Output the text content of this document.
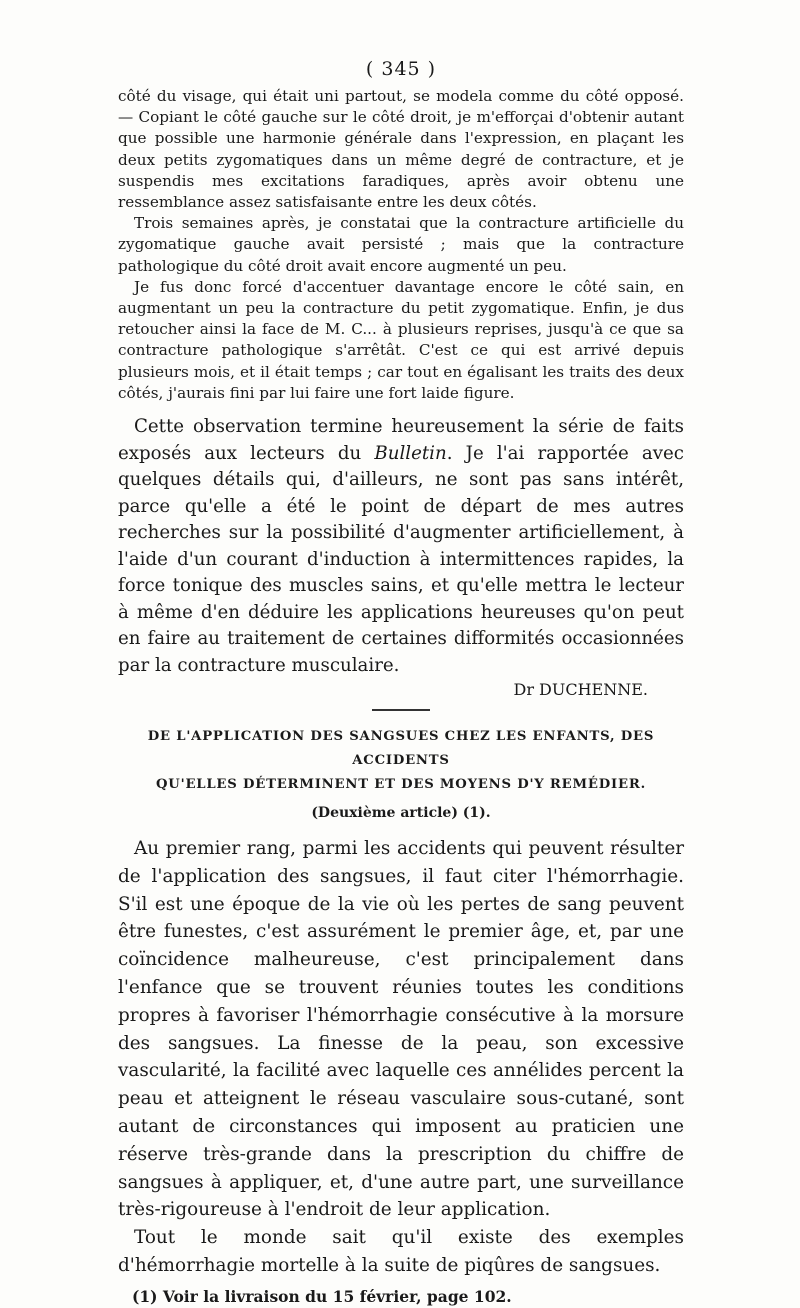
( 345 )

côté du visage, qui était uni partout, se modela comme du côté opposé. — Copiant le côté gauche sur le côté droit, je m'efforçai d'obtenir autant que possible une harmonie générale dans l'expression, en plaçant les deux petits zygomatiques dans un même degré de contracture, et je suspendis mes excitations faradiques, après avoir obtenu une ressemblance assez satisfaisante entre les deux côtés.

Trois semaines après, je constatai que la contracture artificielle du zygomatique gauche avait persisté ; mais que la contracture pathologique du côté droit avait encore augmenté un peu.

Je fus donc forcé d'accentuer davantage encore le côté sain, en augmentant un peu la contracture du petit zygomatique. Enfin, je dus retoucher ainsi la face de M. C... à plusieurs reprises, jusqu'à ce que sa contracture pathologique s'arrêtât. C'est ce qui est arrivé depuis plusieurs mois, et il était temps ; car tout en égalisant les traits des deux côtés, j'aurais fini par lui faire une fort laide figure.

Cette observation termine heureusement la série de faits exposés aux lecteurs du Bulletin. Je l'ai rapportée avec quelques détails qui, d'ailleurs, ne sont pas sans intérêt, parce qu'elle a été le point de départ de mes autres recherches sur la possibilité d'augmenter artificiellement, à l'aide d'un courant d'induction à intermittences rapides, la force tonique des muscles sains, et qu'elle mettra le lecteur à même d'en déduire les applications heureuses qu'on peut en faire au traitement de certaines difformités occasionnées par la contracture musculaire.

Dr DUCHENNE.
DE L'APPLICATION DES SANGSUES CHEZ LES ENFANTS, DES ACCIDENTS
QU'ELLES DÉTERMINENT ET DES MOYENS D'Y REMÉDIER.
(Deuxième article) (1).

Au premier rang, parmi les accidents qui peuvent résulter de l'application des sangsues, il faut citer l'hémorrhagie. S'il est une époque de la vie où les pertes de sang peuvent être funestes, c'est assurément le premier âge, et, par une coïncidence malheureuse, c'est principalement dans l'enfance que se trouvent réunies toutes les conditions propres à favoriser l'hémorrhagie consécutive à la morsure des sangsues. La finesse de la peau, son excessive vascularité, la facilité avec laquelle ces annélides percent la peau et atteignent le réseau vasculaire sous-cutané, sont autant de circonstances qui imposent au praticien une réserve très-grande dans la prescription du chiffre de sangsues à appliquer, et, d'une autre part, une surveillance très-rigoureuse à l'endroit de leur application.

Tout le monde sait qu'il existe des exemples d'hémorrhagie mortelle à la suite de piqûres de sangsues.

(1) Voir la livraison du 15 février, page 102.
